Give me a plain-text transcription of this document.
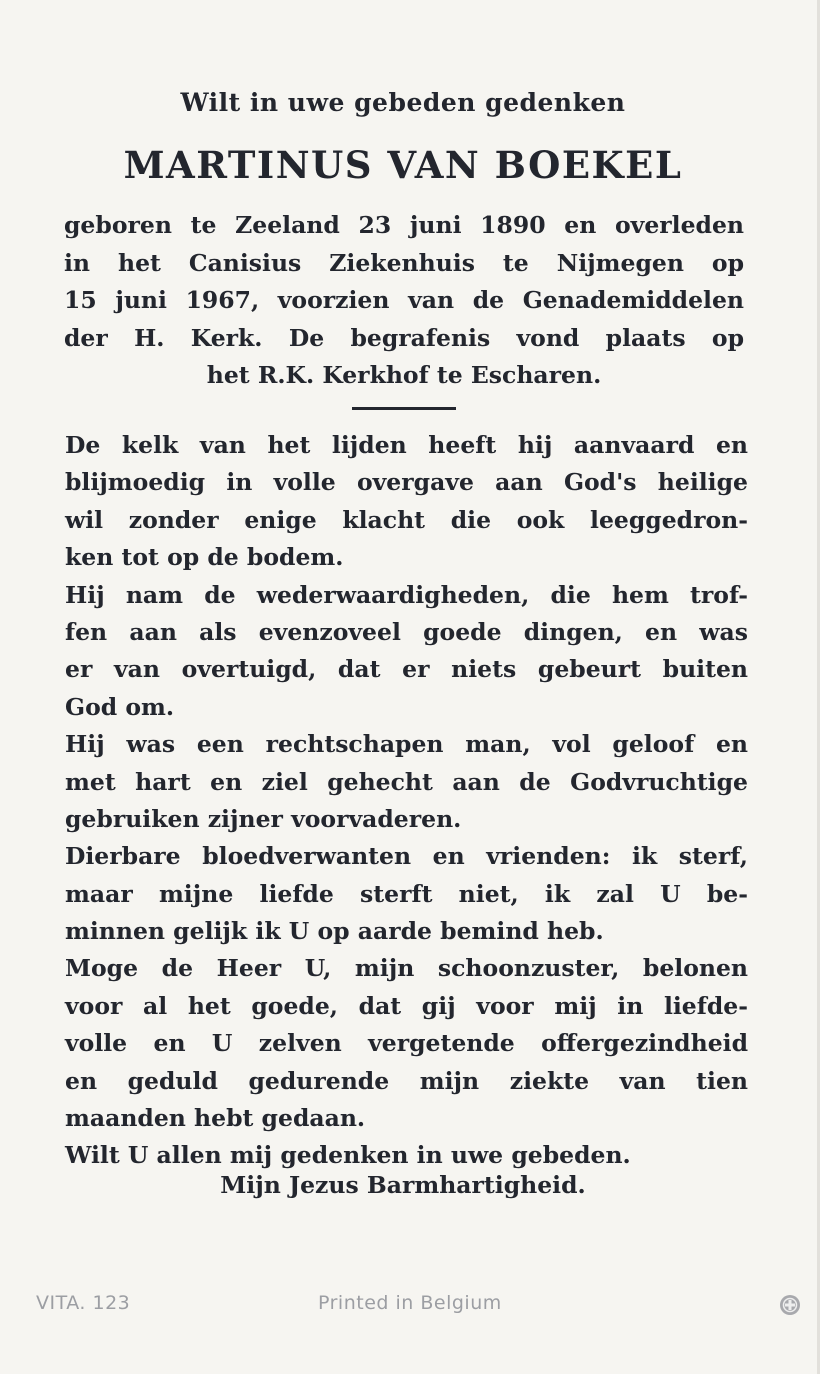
Wilt in uwe gebeden gedenken
MARTINUS VAN BOEKEL
geboren te Zeeland 23 juni 1890 en overleden
in het Canisius Ziekenhuis te Nijmegen op
15 juni 1967, voorzien van de Genademiddelen
der H. Kerk. De begrafenis vond plaats op
het R.K. Kerkhof te Escharen.
De kelk van het lijden heeft hij aanvaard en
blijmoedig in volle overgave aan God's heilige
wil zonder enige klacht die ook leeggedron-
ken tot op de bodem.
Hij nam de wederwaardigheden, die hem trof-
fen aan als evenzoveel goede dingen, en was
er van overtuigd, dat er niets gebeurt buiten
God om.
Hij was een rechtschapen man, vol geloof en
met hart en ziel gehecht aan de Godvruchtige
gebruiken zijner voorvaderen.
Dierbare bloedverwanten en vrienden: ik sterf,
maar mijne liefde sterft niet, ik zal U be-
minnen gelijk ik U op aarde bemind heb.
Moge de Heer U, mijn schoonzuster, belonen
voor al het goede, dat gij voor mij in liefde-
volle en U zelven vergetende offergezindheid
en geduld gedurende mijn ziekte van tien
maanden hebt gedaan.
Wilt U allen mij gedenken in uwe gebeden.
Mijn Jezus Barmhartigheid.
VITA. 123	Printed in Belgium
